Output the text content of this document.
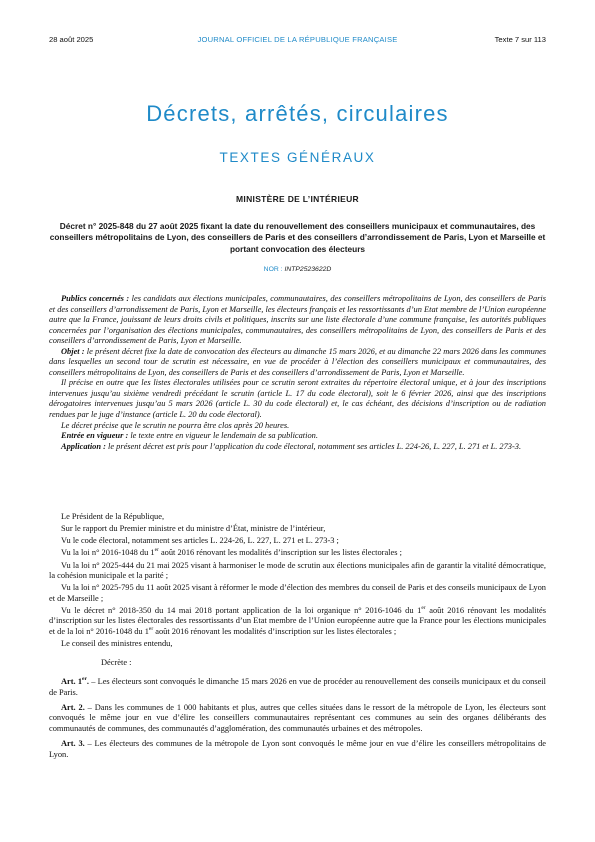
28 août 2025	JOURNAL OFFICIEL DE LA RÉPUBLIQUE FRANÇAISE	Texte 7 sur 113
Décrets, arrêtés, circulaires
TEXTES GÉNÉRAUX
MINISTÈRE DE L’INTÉRIEUR
Décret n° 2025-848 du 27 août 2025 fixant la date du renouvellement des conseillers municipaux et communautaires, des conseillers métropolitains de Lyon, des conseillers de Paris et des conseillers d’arrondissement de Paris, Lyon et Marseille et portant convocation des électeurs
NOR : INTP2523622D

Publics concernés : les candidats aux élections municipales, communautaires, des conseillers métropolitains de Lyon, des conseillers de Paris et des conseillers d’arrondissement de Paris, Lyon et Marseille, les électeurs français et les ressortissants d’un Etat membre de l’Union européenne autre que la France, jouissant de leurs droits civils et politiques, inscrits sur une liste électorale d’une commune française, les autorités publiques concernées par l’organisation des élections municipales, communautaires, des conseillers métropolitains de Lyon, des conseillers de Paris et des conseillers d’arrondissement de Paris, Lyon et Marseille.

Objet : le présent décret fixe la date de convocation des électeurs au dimanche 15 mars 2026, et au dimanche 22 mars 2026 dans les communes dans lesquelles un second tour de scrutin est nécessaire, en vue de procéder à l’élection des conseillers municipaux et communautaires, des conseillers métropolitains de Lyon, des conseillers de Paris et des conseillers d’arrondissement de Paris, Lyon et Marseille.

Il précise en outre que les listes électorales utilisées pour ce scrutin seront extraites du répertoire électoral unique, et à jour des inscriptions intervenues jusqu’au sixième vendredi précédant le scrutin (article L. 17 du code électoral), soit le 6 février 2026, ainsi que des inscriptions dérogatoires intervenues jusqu’au 5 mars 2026 (article L. 30 du code électoral) et, le cas échéant, des décisions d’inscription ou de radiation rendues par le juge d’instance (article L. 20 du code électoral).

Le décret précise que le scrutin ne pourra être clos après 20 heures.

Entrée en vigueur : le texte entre en vigueur le lendemain de sa publication.

Application : le présent décret est pris pour l’application du code électoral, notamment ses articles L. 224-26, L. 227, L. 271 et L. 273-3.

Le Président de la République,

Sur le rapport du Premier ministre et du ministre d’État, ministre de l’intérieur,

Vu le code électoral, notamment ses articles L. 224-26, L. 227, L. 271 et L. 273-3 ;

Vu la loi n° 2016-1048 du 1er août 2016 rénovant les modalités d’inscription sur les listes électorales ;

Vu la loi n° 2025-444 du 21 mai 2025 visant à harmoniser le mode de scrutin aux élections municipales afin de garantir la vitalité démocratique, la cohésion municipale et la parité ;

Vu la loi n° 2025-795 du 11 août 2025 visant à réformer le mode d’élection des membres du conseil de Paris et des conseils municipaux de Lyon et de Marseille ;

Vu le décret n° 2018-350 du 14 mai 2018 portant application de la loi organique n° 2016-1046 du 1er août 2016 rénovant les modalités d’inscription sur les listes électorales des ressortissants d’un Etat membre de l’Union européenne autre que la France pour les élections municipales et de la loi n° 2016-1048 du 1er août 2016 rénovant les modalités d’inscription sur les listes électorales ;

Le conseil des ministres entendu,

Décrète :

Art. 1er. – Les électeurs sont convoqués le dimanche 15 mars 2026 en vue de procéder au renouvellement des conseils municipaux et du conseil de Paris.

Art. 2. – Dans les communes de 1 000 habitants et plus, autres que celles situées dans le ressort de la métropole de Lyon, les électeurs sont convoqués le même jour en vue d’élire les conseillers communautaires représentant ces communes au sein des organes délibérants des communautés de communes, des communautés d’agglomération, des communautés urbaines et des métropoles.

Art. 3. – Les électeurs des communes de la métropole de Lyon sont convoqués le même jour en vue d’élire les conseillers métropolitains de Lyon.
